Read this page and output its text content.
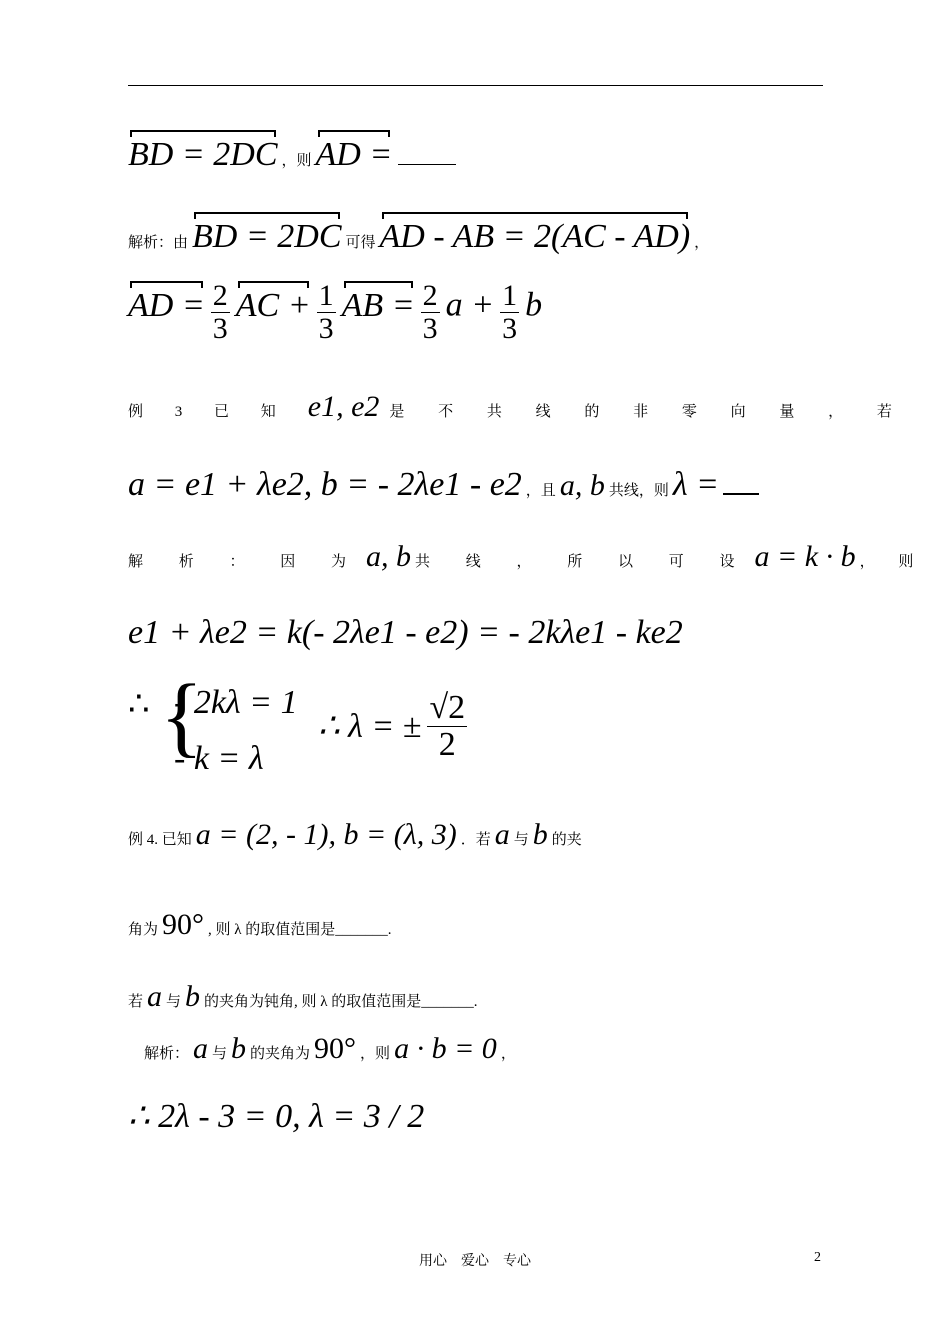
BD = 2DC ，则 AD =
解析：由 BD = 2DC 可得 AD - AB = 2(AC - AD) ，
AD = $\frac{2}{3}$ AC + $\frac{1}{3}$ AB = $\frac{2}{3}$ $a + \frac{1}{3}$ b
例 3 已 知 e1, e2 是 不 共 线 的 非 零 向 量 ， 若
a = e1 + λe2, b = - 2λe1 - e2 ，且 a, b 共线，则 λ =
解 析 ： 因 为 a, b 共 线 ， 所 以 可 设 a = k · b ， 则
e1 + λe2 = k(- 2λe1 - e2) = - 2kλe1 - ke2
∴ {
- 2kλ = 1
- k = λ
∴ λ = ± $\frac{√2}{2}$
例 4. 已知 a = (2, - 1), b = (λ, 3) ．若 a 与 b 的夹
角为 90° , 则 λ 的取值范围是_______.
若 a 与 b 的夹角为钝角, 则 λ 的取值范围是_______.
解析： a 与 b 的夹角为 90° ，则 a · b = 0 ，
∴ 2λ - 3 = 0, λ = 3 / 2
用心　爱心　专心	2
